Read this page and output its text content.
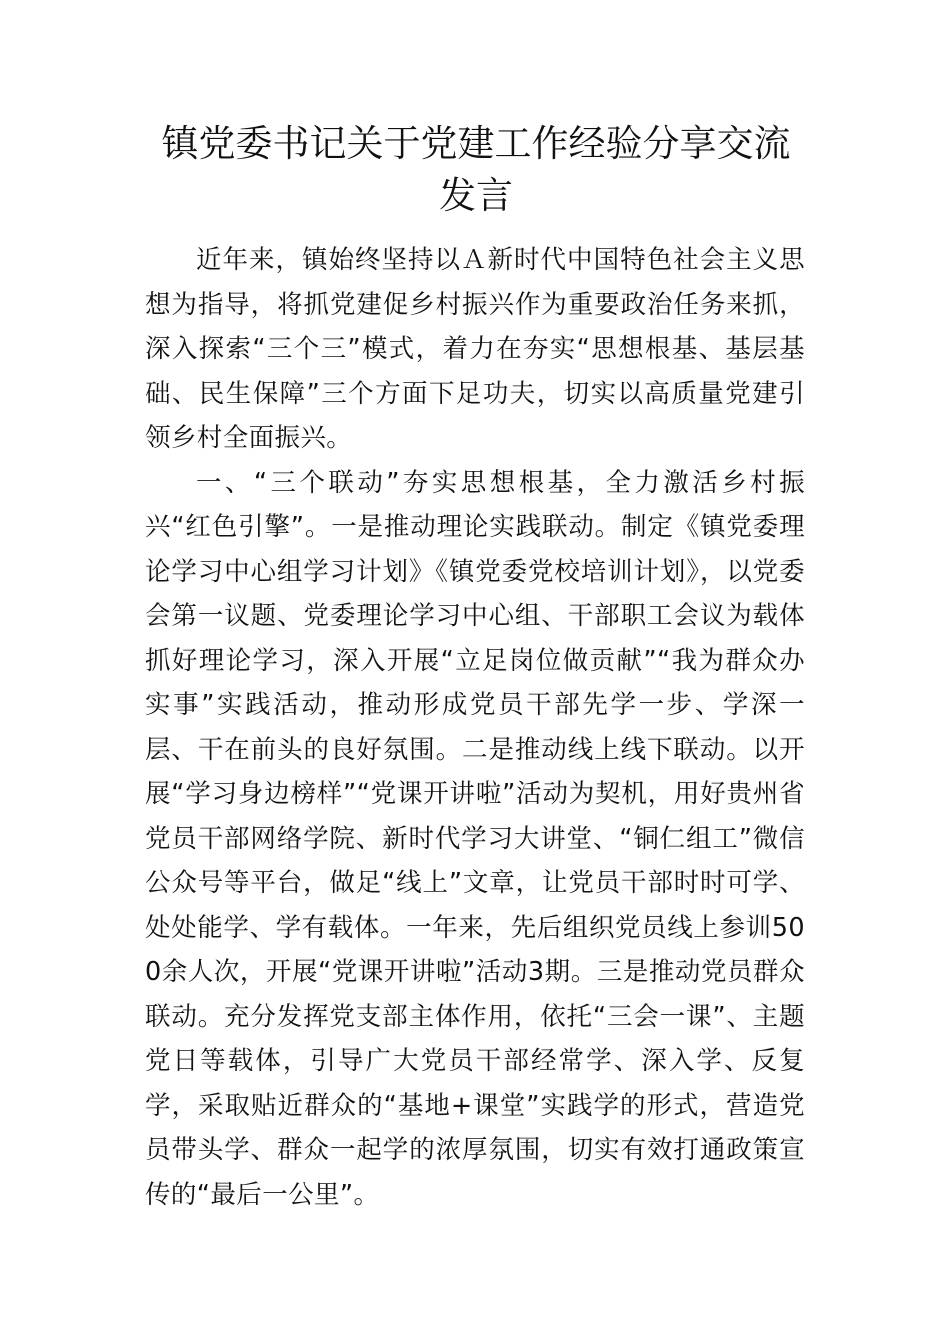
镇党委书记关于党建工作经验分享交流发言

近年来，镇始终坚持以Ａ新时代中国特色社会主义思想为指导，将抓党建促乡村振兴作为重要政治任务来抓，深入探索“三个三”模式，着力在夯实“思想根基、基层基础、民生保障”三个方面下足功夫，切实以高质量党建引领乡村全面振兴。

一、“三个联动”夯实思想根基，全力激活乡村振兴“红色引擎”。一是推动理论实践联动。制定《镇党委理论学习中心组学习计划》《镇党委党校培训计划》，以党委会第一议题、党委理论学习中心组、干部职工会议为载体抓好理论学习，深入开展“立足岗位做贡献”“我为群众办实事”实践活动，推动形成党员干部先学一步、学深一层、干在前头的良好氛围。二是推动线上线下联动。以开展“学习身边榜样”“党课开讲啦”活动为契机，用好贵州省党员干部网络学院、新时代学习大讲堂、“铜仁组工”微信公众号等平台，做足“线上”文章，让党员干部时时可学、处处能学、学有载体。一年来，先后组织党员线上参训500余人次，开展“党课开讲啦”活动3期。三是推动党员群众联动。充分发挥党支部主体作用，依托“三会一课”、主题党日等载体，引导广大党员干部经常学、深入学、反复学，采取贴近群众的“基地+课堂”实践学的形式，营造党员带头学、群众一起学的浓厚氛围，切实有效打通政策宣传的“最后一公里”。
